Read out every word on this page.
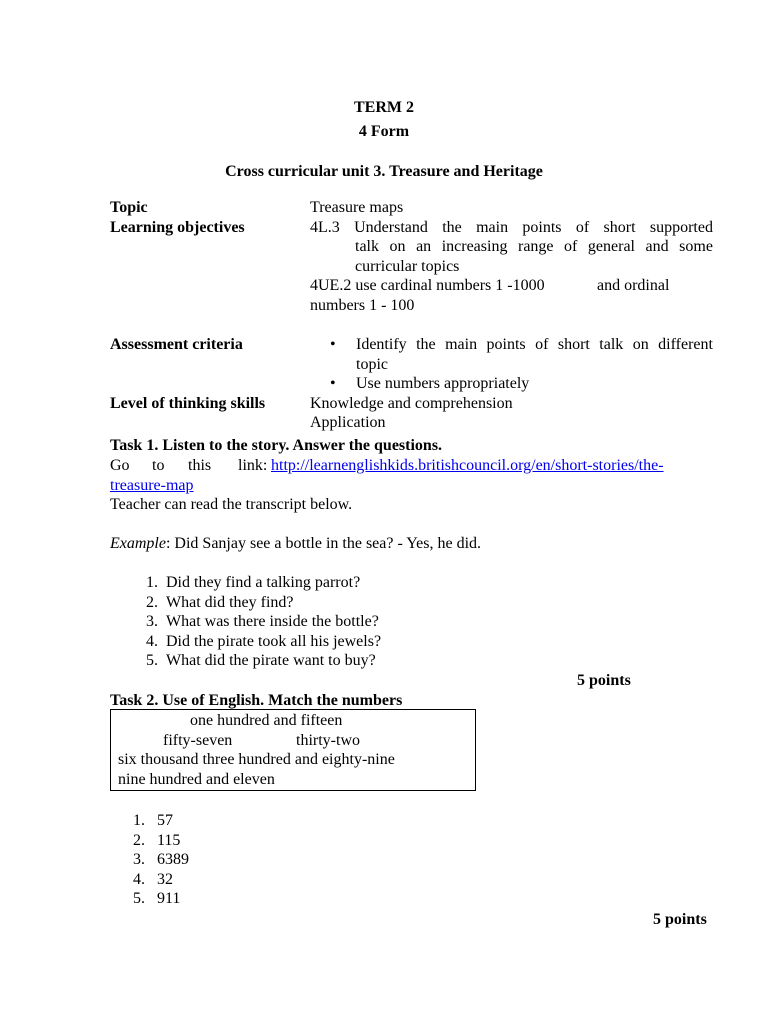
TERM 2
4 Form
Cross curricular unit 3. Treasure and Heritage
Topic	Treasure maps
Learning objectives	4L.3 Understand the main points of short supported
talk on an increasing range of general and some
curricular topics
4UE.2 use cardinal numbers 1 -1000	and ordinal
numbers 1 - 100
Assessment criteria	• Identify the main points of short talk on different
topic
• Use numbers appropriately
Level of thinking skills	Knowledge and comprehension
Application
Task 1. Listen to the story. Answer the questions.
Go to this link: http://learnenglishkids.britishcouncil.org/en/short-stories/the-
treasure-map
Teacher can read the transcript below.
Example: Did Sanjay see a bottle in the sea? - Yes, he did.
1. Did they find a talking parrot?
2. What did they find?
3. What was there inside the bottle?
4. Did the pirate took all his jewels?
5. What did the pirate want to buy?
5 points
Task 2. Use of English. Match the numbers
one hundred and fifteen
fifty-seven	thirty-two
six thousand three hundred and eighty-nine
nine hundred and eleven
1. 57
2. 115
3. 6389
4. 32
5. 911
5 points
